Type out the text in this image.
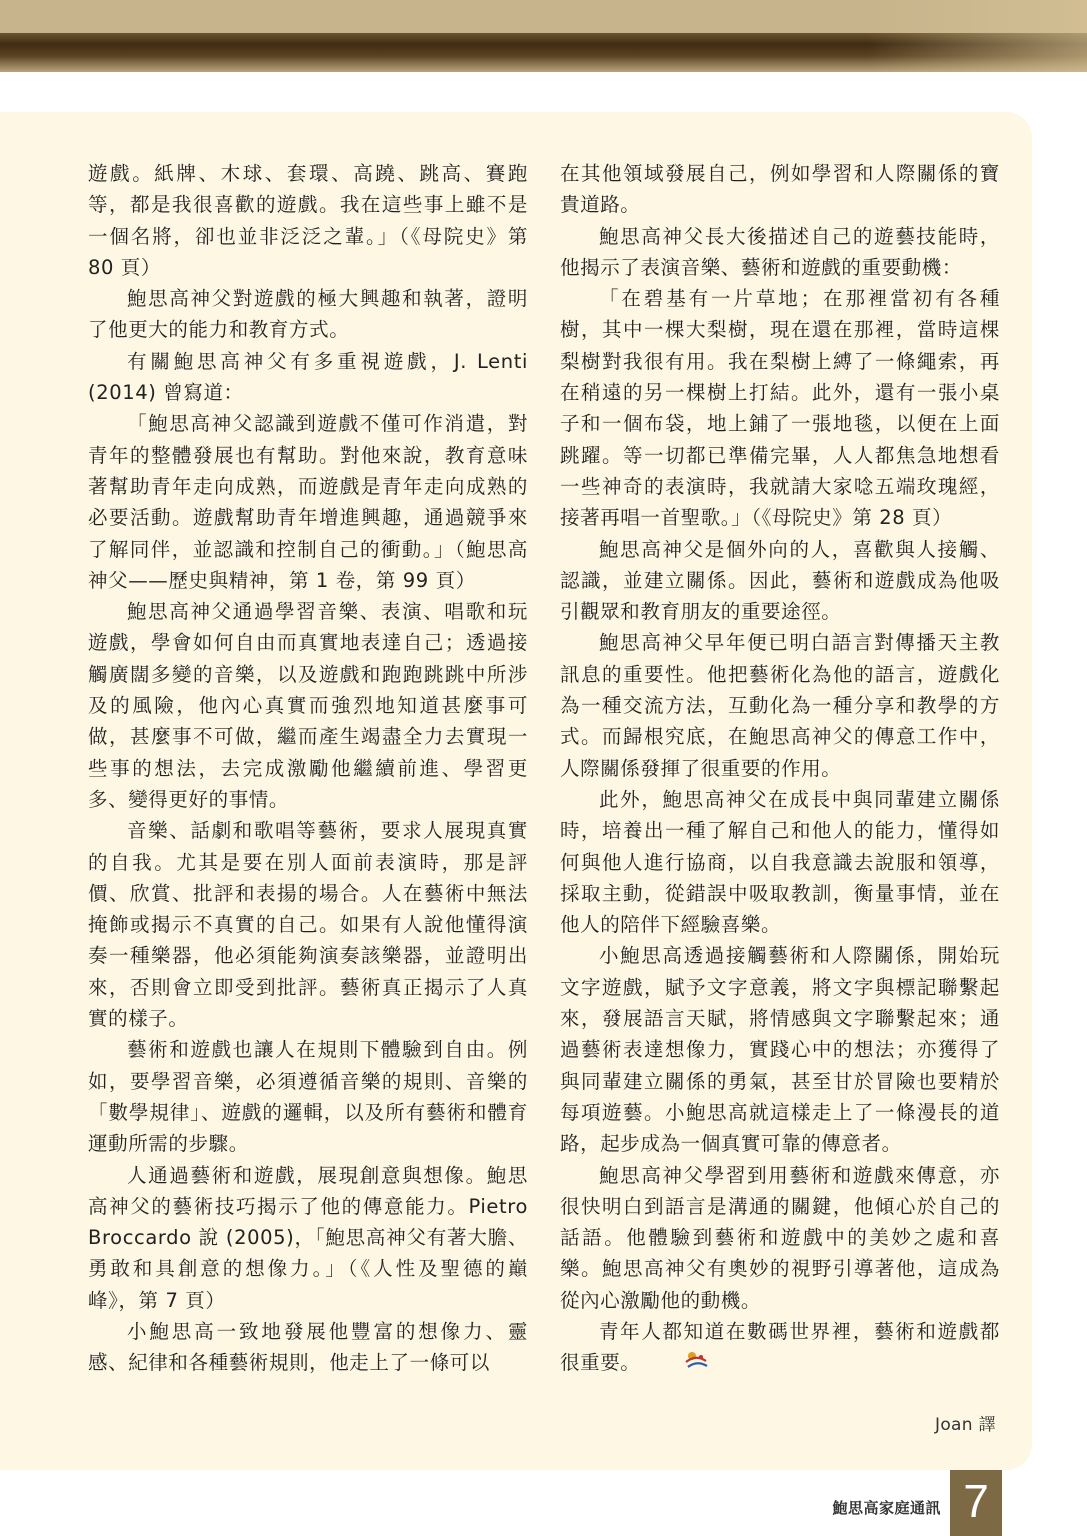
遊戲。紙牌、木球、套環、高蹺、跳高、賽跑等，都是我很喜歡的遊戲。我在這些事上雖不是一個名將，卻也並非泛泛之輩。」（《母院史》第 80 頁）

鮑思高神父對遊戲的極大興趣和執著，證明了他更大的能力和教育方式。

有關鮑思高神父有多重視遊戲，J. Lenti (2014) 曾寫道：

「鮑思高神父認識到遊戲不僅可作消遣，對青年的整體發展也有幫助。對他來說，教育意味著幫助青年走向成熟，而遊戲是青年走向成熟的必要活動。遊戲幫助青年增進興趣，通過競爭來了解同伴，並認識和控制自己的衝動。」（鮑思高神父——歷史與精神，第 1 卷，第 99 頁）

鮑思高神父通過學習音樂、表演、唱歌和玩遊戲，學會如何自由而真實地表達自己；透過接觸廣闊多變的音樂，以及遊戲和跑跑跳跳中所涉及的風險，他內心真實而強烈地知道甚麼事可做，甚麼事不可做，繼而產生竭盡全力去實現一些事的想法，去完成激勵他繼續前進、學習更多、變得更好的事情。

音樂、話劇和歌唱等藝術，要求人展現真實的自我。尤其是要在別人面前表演時，那是評價、欣賞、批評和表揚的場合。人在藝術中無法掩飾或揭示不真實的自己。如果有人說他懂得演奏一種樂器，他必須能夠演奏該樂器，並證明出來，否則會立即受到批評。藝術真正揭示了人真實的樣子。

藝術和遊戲也讓人在規則下體驗到自由。例如，要學習音樂，必須遵循音樂的規則、音樂的「數學規律」、遊戲的邏輯，以及所有藝術和體育運動所需的步驟。

人通過藝術和遊戲，展現創意與想像。鮑思高神父的藝術技巧揭示了他的傳意能力。Pietro Broccardo 說 (2005)，「鮑思高神父有著大膽、勇敢和具創意的想像力。」（《人性及聖德的巔峰》，第 7 頁）

小鮑思高一致地發展他豐富的想像力、靈感、紀律和各種藝術規則，他走上了一條可以

在其他領域發展自己，例如學習和人際關係的寶貴道路。

鮑思高神父長大後描述自己的遊藝技能時，他揭示了表演音樂、藝術和遊戲的重要動機：

「在碧基有一片草地；在那裡當初有各種樹，其中一棵大梨樹，現在還在那裡，當時這棵梨樹對我很有用。我在梨樹上縛了一條繩索，再在稍遠的另一棵樹上打結。此外，還有一張小桌子和一個布袋，地上鋪了一張地毯，以便在上面跳躍。等一切都已準備完畢，人人都焦急地想看一些神奇的表演時，我就請大家唸五端玫瑰經，接著再唱一首聖歌。」（《母院史》第 28 頁）

鮑思高神父是個外向的人，喜歡與人接觸、認識，並建立關係。因此，藝術和遊戲成為他吸引觀眾和教育朋友的重要途徑。

鮑思高神父早年便已明白語言對傳播天主教訊息的重要性。他把藝術化為他的語言，遊戲化為一種交流方法，互動化為一種分享和教學的方式。而歸根究底，在鮑思高神父的傳意工作中，人際關係發揮了很重要的作用。

此外，鮑思高神父在成長中與同輩建立關係時，培養出一種了解自己和他人的能力，懂得如何與他人進行協商，以自我意識去說服和領導，採取主動，從錯誤中吸取教訓，衡量事情，並在他人的陪伴下經驗喜樂。

小鮑思高透過接觸藝術和人際關係，開始玩文字遊戲，賦予文字意義，將文字與標記聯繫起來，發展語言天賦，將情感與文字聯繫起來；通過藝術表達想像力，實踐心中的想法；亦獲得了與同輩建立關係的勇氣，甚至甘於冒險也要精於每項遊藝。小鮑思高就這樣走上了一條漫長的道路，起步成為一個真實可靠的傳意者。

鮑思高神父學習到用藝術和遊戲來傳意，亦很快明白到語言是溝通的關鍵，他傾心於自己的話語。他體驗到藝術和遊戲中的美妙之處和喜樂。鮑思高神父有奧妙的視野引導著他，這成為從內心激勵他的動機。

青年人都知道在數碼世界裡，藝術和遊戲都很重要。

Joan 譯
鮑思高家庭通訊 7
